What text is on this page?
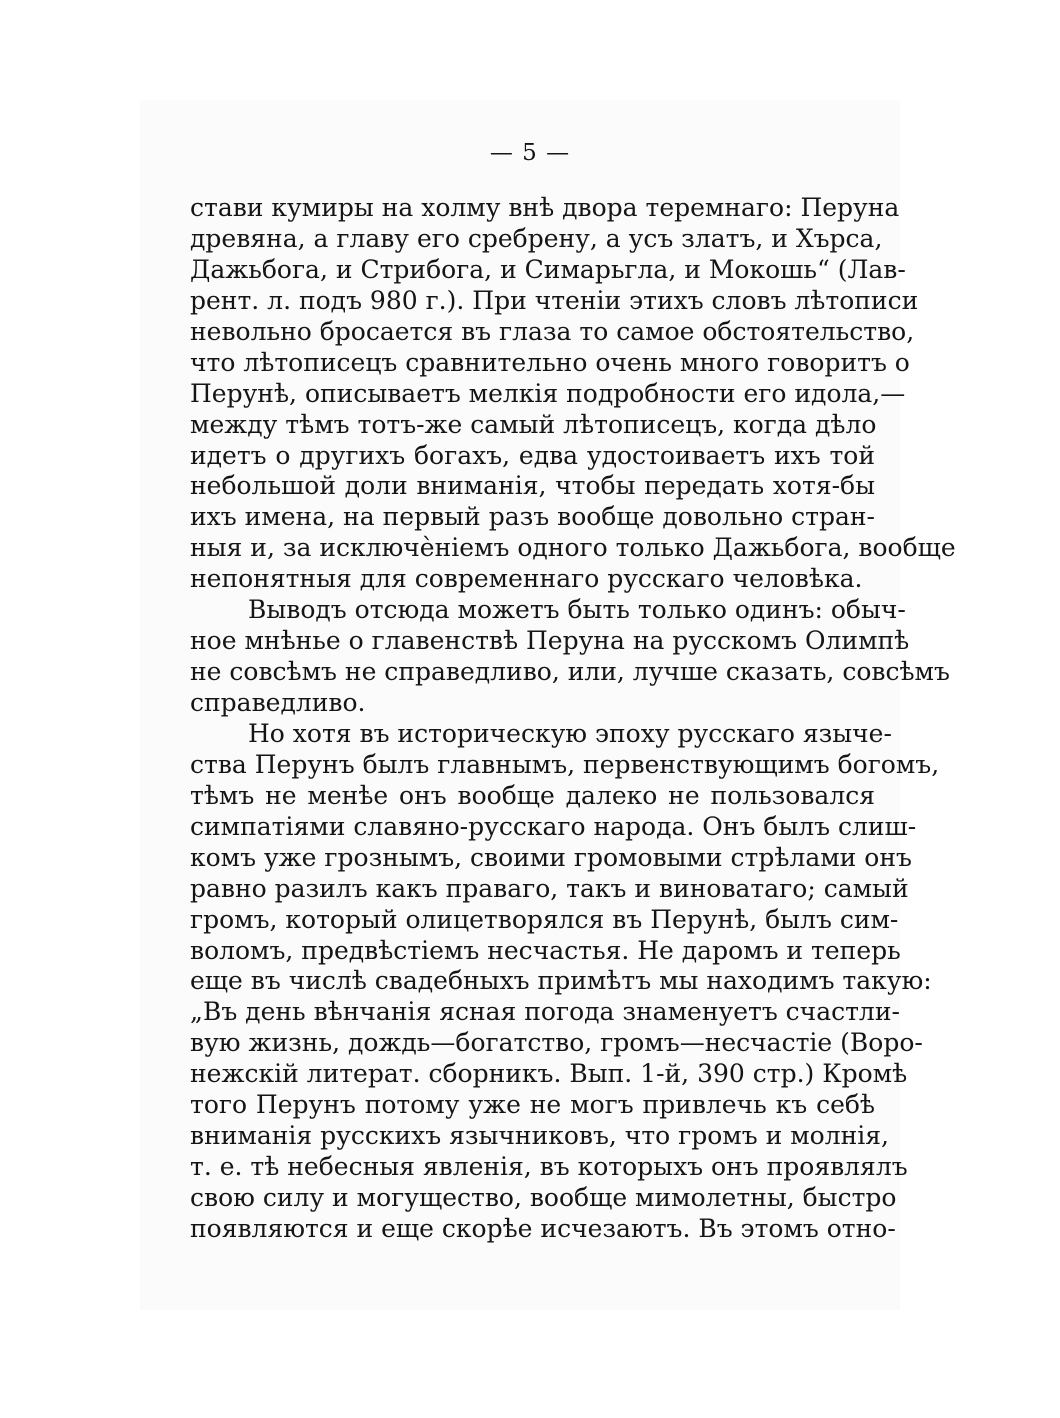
— 5 —
стави кумиры на холму внѣ двора теремнаго: Перуна
древяна, а главу его сребрену, а усъ златъ, и Хърса,
Дажьбога, и Стрибога, и Симарьгла, и Мокошь“ (Лав-
рент. л. подъ 980 г.). При чтенiи этихъ словъ лѣтописи
невольно бросается въ глаза то самое обстоятельство,
что лѣтописецъ сравнительно очень много говоритъ о
Перунѣ, описываетъ мелкiя подробности его идола,—
между тѣмъ тотъ-же самый лѣтописецъ, когда дѣло
идетъ о другихъ богахъ, едва удостоиваетъ ихъ той
небольшой доли вниманiя, чтобы передать хотя-бы
ихъ имена, на первый разъ вообще довольно стран-
ныя и, за исключѐнiемъ одного только Дажьбога, вообще
непонятныя для современнаго русскаго человѣка.
Выводъ отсюда можетъ быть только одинъ: обыч-
ное мнѣнье о главенствѣ Перуна на русскомъ Олимпѣ
не совсѣмъ не справедливо, или, лучше сказать, совсѣмъ
справедливо.
Но хотя въ историческую эпоху русскаго языче-
ства Перунъ былъ главнымъ, первенствующимъ богомъ,
тѣмъ не менѣе онъ вообще далеко не пользовался
симпатiями славяно-русскаго народа. Онъ былъ слиш-
комъ уже грознымъ, своими громовыми стрѣлами онъ
равно разилъ какъ праваго, такъ и виноватаго; самый
громъ, который олицетворялся въ Перунѣ, былъ сим-
воломъ, предвѣстiемъ несчастья. Не даромъ и теперь
еще въ числѣ свадебныхъ примѣтъ мы находимъ такую:
„Въ день вѣнчанiя ясная погода знаменуетъ счастли-
вую жизнь, дождь—богатство, громъ—несчастiе (Воро-
нежскiй литерат. сборникъ. Вып. 1-й, 390 стр.) Кромѣ
того Перунъ потому уже не могъ привлечь къ себѣ
вниманiя русскихъ язычниковъ, что громъ и молнiя,
т. е. тѣ небесныя явленiя, въ которыхъ онъ проявлялъ
свою силу и могущество, вообще мимолетны, быстро
появляются и еще скорѣе исчезаютъ. Въ этомъ отно-
